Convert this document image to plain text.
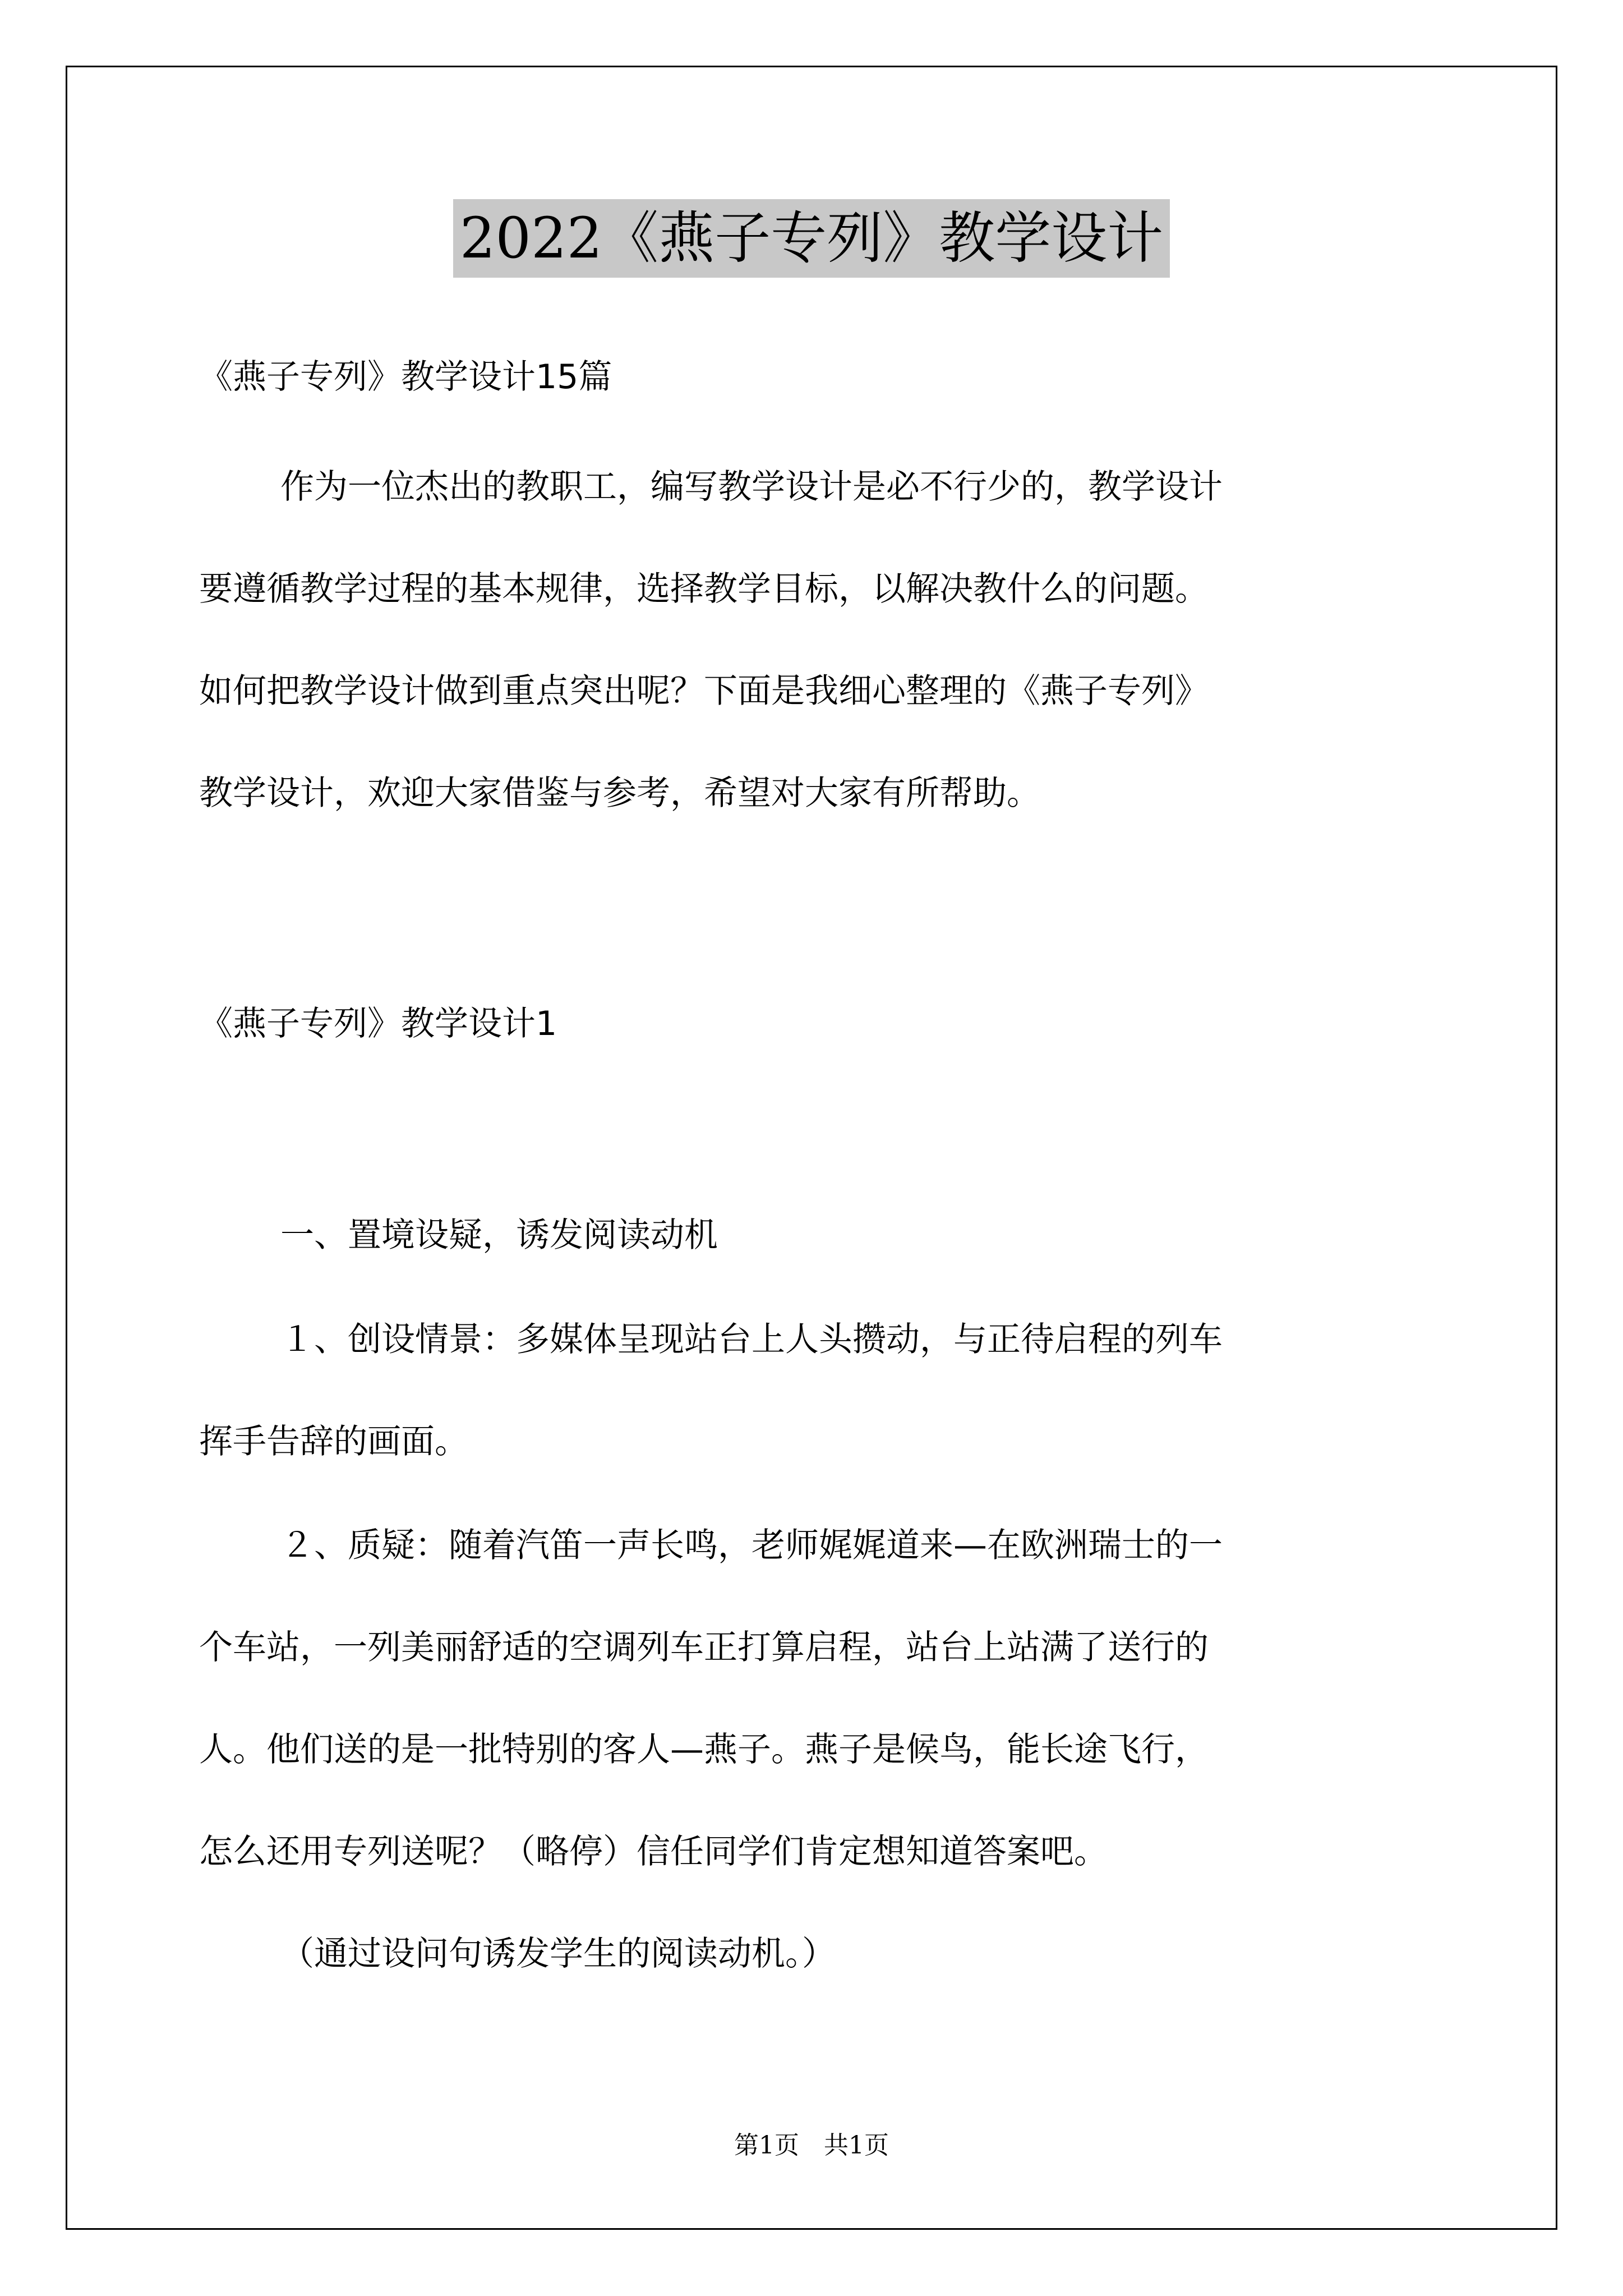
2022《燕子专列》教学设计
《燕子专列》教学设计15篇
作为一位杰出的教职工，编写教学设计是必不行少的，教学设计
要遵循教学过程的基本规律，选择教学目标，以解决教什么的问题。
如何把教学设计做到重点突出呢？下面是我细心整理的《燕子专列》
教学设计，欢迎大家借鉴与参考，希望对大家有所帮助。
《燕子专列》教学设计1
一、置境设疑，诱发阅读动机
１、创设情景：多媒体呈现站台上人头攒动，与正待启程的列车
挥手告辞的画面。
２、质疑：随着汽笛一声长鸣，老师娓娓道来—在欧洲瑞士的一
个车站，一列美丽舒适的空调列车正打算启程，站台上站满了送行的
人。他们送的是一批特别的客人—燕子。燕子是候鸟，能长途飞行，
怎么还用专列送呢？（略停）信任同学们肯定想知道答案吧。
（通过设问句诱发学生的阅读动机。）
第1页　共1页
